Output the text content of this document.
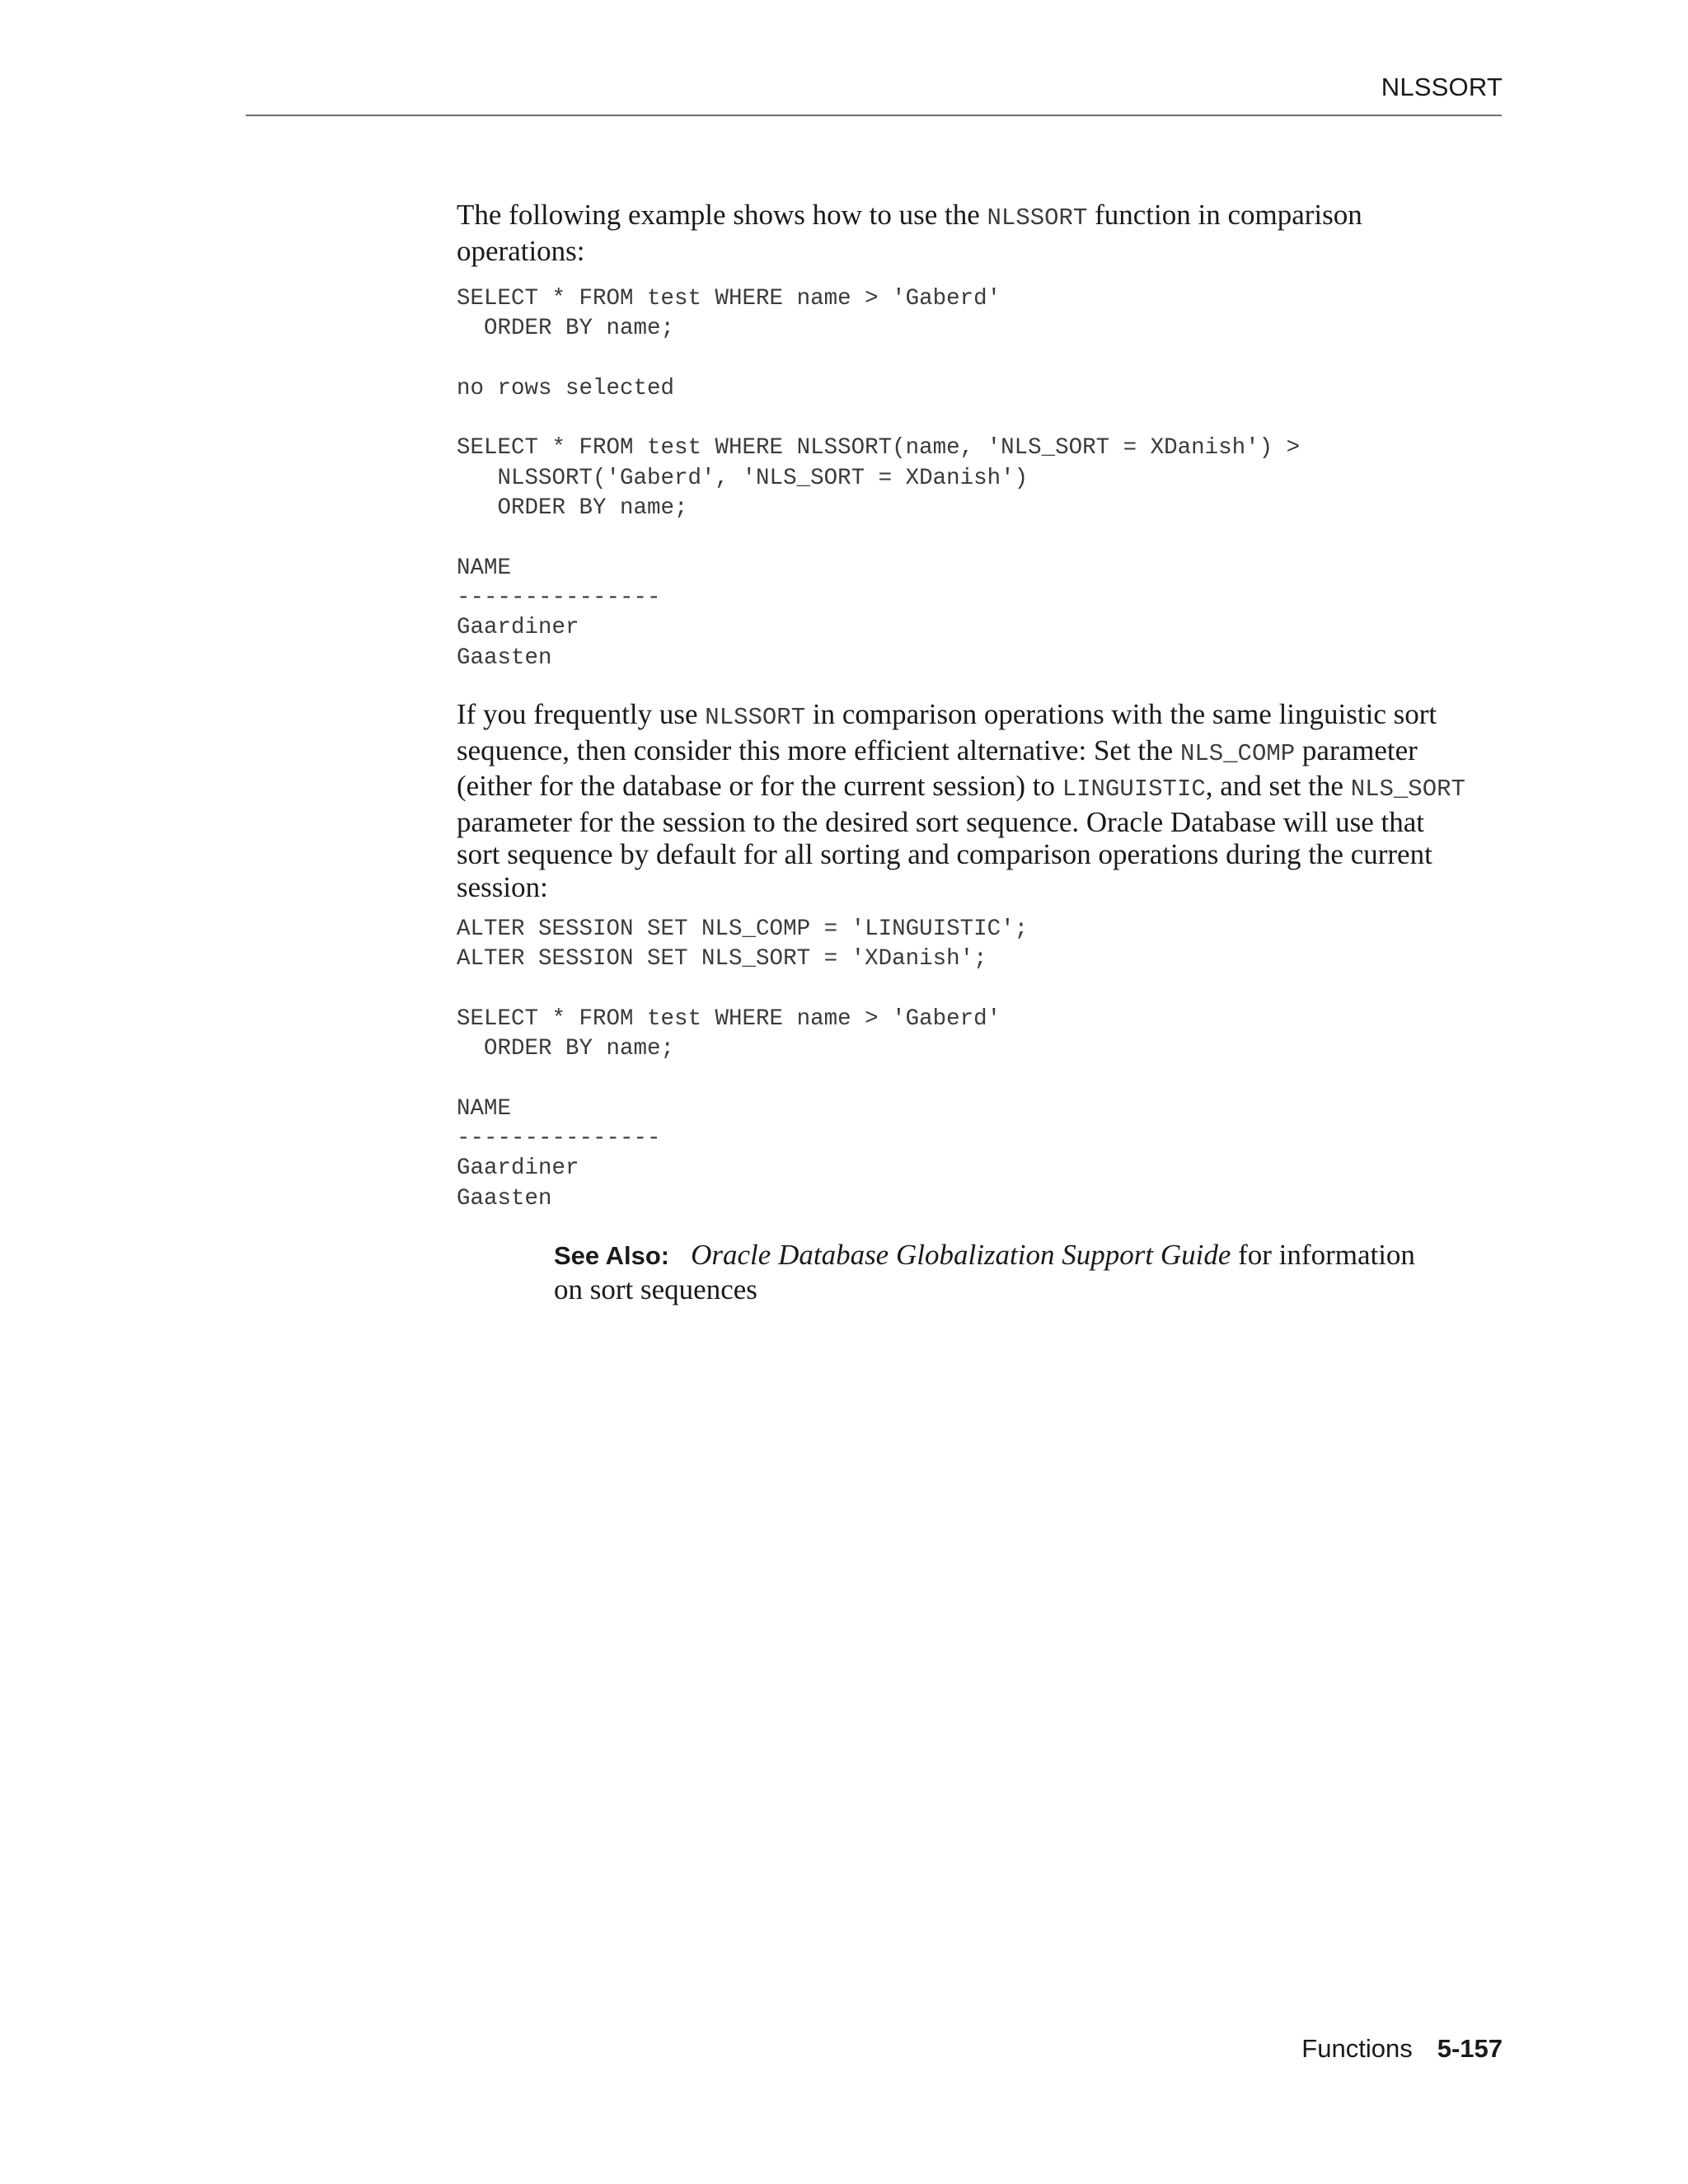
NLSSORT

The following example shows how to use the NLSSORT function in comparison
operations:

SELECT * FROM test WHERE name > 'Gaberd'
ORDER BY name;

no rows selected

SELECT * FROM test WHERE NLSSORT(name, 'NLS_SORT = XDanish') >
NLSSORT('Gaberd', 'NLS_SORT = XDanish')
ORDER BY name;

NAME
---------------
Gaardiner
Gaasten

If you frequently use NLSSORT in comparison operations with the same linguistic sort
sequence, then consider this more efficient alternative: Set the NLS_COMP parameter
(either for the database or for the current session) to LINGUISTIC, and set the NLS_SORT
parameter for the session to the desired sort sequence. Oracle Database will use that
sort sequence by default for all sorting and comparison operations during the current
session:

ALTER SESSION SET NLS_COMP = 'LINGUISTIC';
ALTER SESSION SET NLS_SORT = 'XDanish';

SELECT * FROM test WHERE name > 'Gaberd'
ORDER BY name;

NAME
---------------
Gaardiner
Gaasten
See Also: Oracle Database Globalization Support Guide for information
on sort sequences
Functions 5-157
